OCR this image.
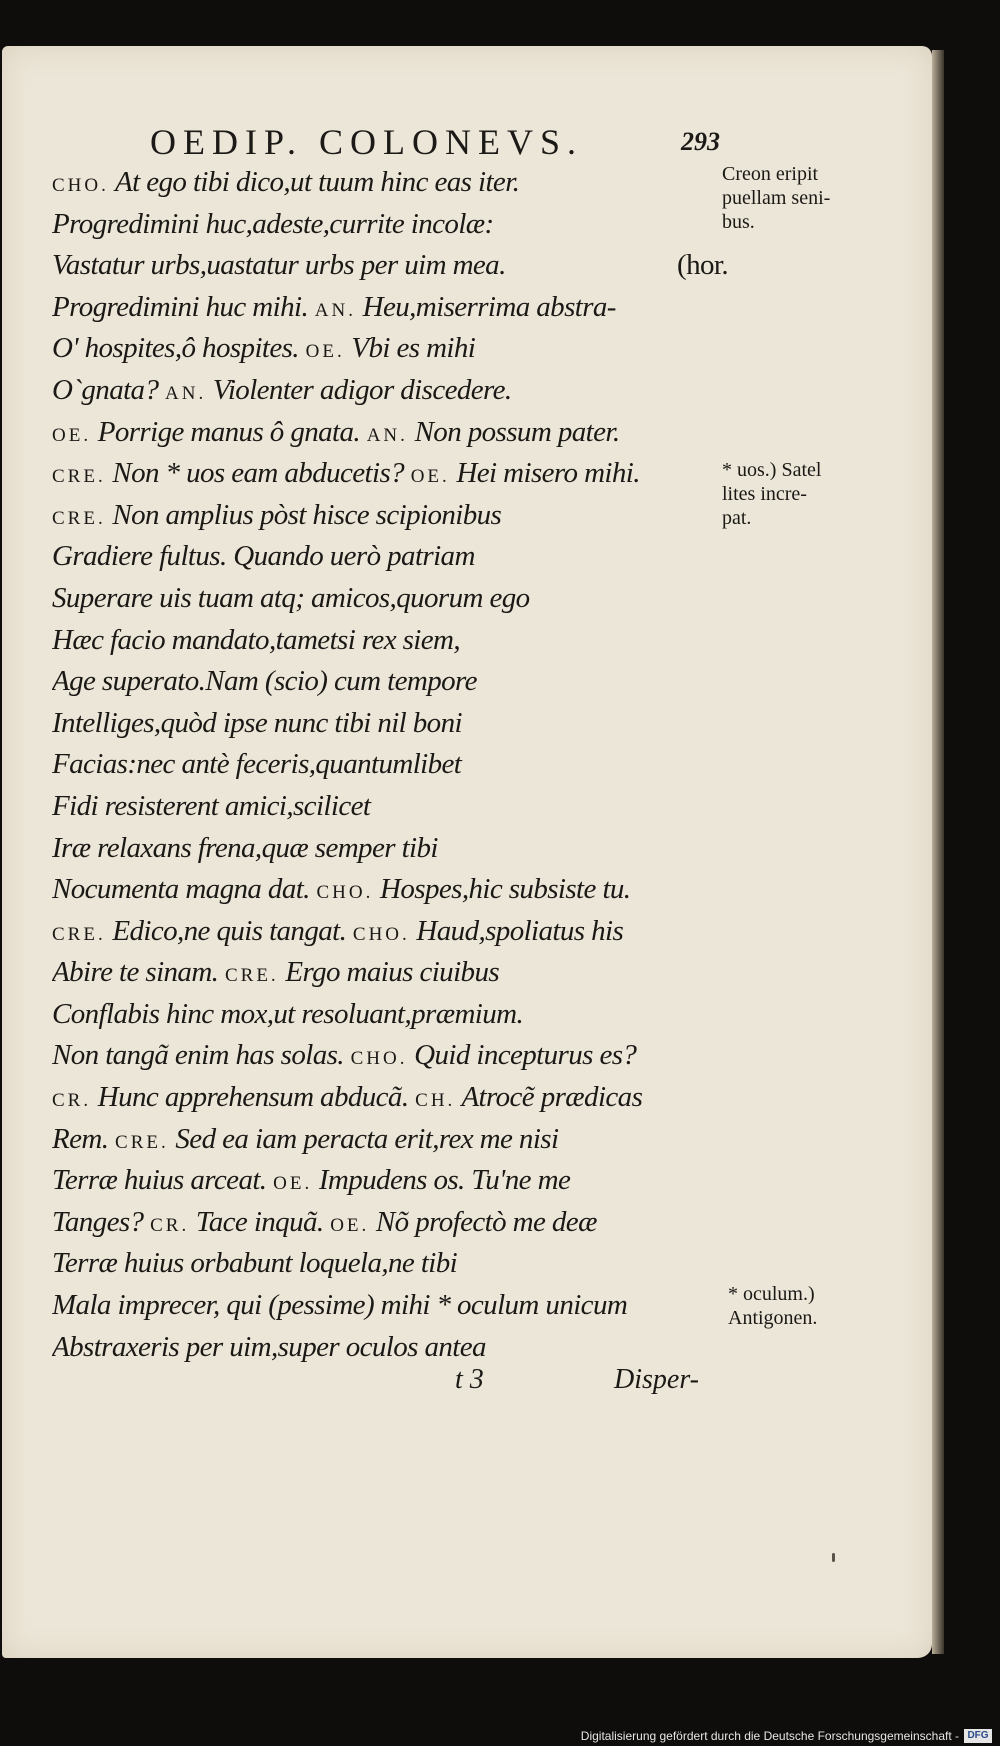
OEDIP. COLONEVS.	293
CHO. At ego tibi dico,ut tuum hinc eas iter.
Progredimini huc,adeste,currite incolæ:
Vastatur urbs,uastatur urbs per uim mea.	(hor.
Progredimini huc mihi. AN. Heu,miserrima abstra-
O' hospites,ô hospites. OE. Vbi es mihi
O`gnata? AN. Violenter adigor discedere.
OE. Porrige manus ô gnata. AN. Non possum pater.
CRE. Non * uos eam abducetis? OE. Hei misero mihi.
CRE. Non amplius pòst hisce scipionibus
Gradiere fultus. Quando uerò patriam
Superare uis tuam atq; amicos,quorum ego
Hæc facio mandato,tametsi rex siem,
Age superato.Nam (scio) cum tempore
Intelliges,quòd ipse nunc tibi nil boni
Facias:nec antè feceris,quantumlibet
Fidi resisterent amici,scilicet
Iræ relaxans frena,quæ semper tibi
Nocumenta magna dat. CHO. Hospes,hic subsiste tu.
CRE. Edico,ne quis tangat. CHO. Haud,spoliatus his
Abire te sinam. CRE. Ergo maius ciuibus
Conflabis hinc mox,ut resoluant,præmium.
Non tangã enim has solas. CHO. Quid incepturus es?
CR. Hunc apprehensum abducã. CH. Atrocẽ prædicas
Rem. CRE. Sed ea iam peracta erit,rex me nisi
Terræ huius arceat. OE. Impudens os. Tu'ne me
Tanges? CR. Tace inquã. OE. Nõ profectò me deæ
Terræ huius orbabunt loquela,ne tibi
Mala imprecer, qui (pessime) mihi * oculum unicum
Abstraxeris per uim,super oculos antea
t 3	Disper-
Creon eripit
puellam seni-
bus.
* uos.) Satel
lites incre-
pat.
* oculum.)
Antigonen.
Digitalisierung gefördert durch die Deutsche Forschungsgemeinschaft - DFG
